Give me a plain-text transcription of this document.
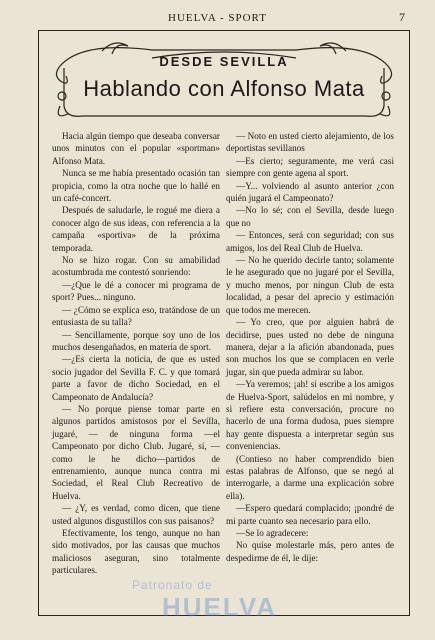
HUELVA - SPORT	7
DESDE SEVILLA
Hablando con Alfonso Mata

Hacia algún tiempo que deseaba conversar unos minutos con el popular «sportman» Alfonso Mata.

Nunca se me había presentado ocasión tan propicia, como la otra noche que lo hallé en un café-concert.

Después de saludarle, le rogué me diera a conocer algo de sus ideas, con referencia a la campaña «sportiva» de la próxima temporada.

No se hizo rogar. Con su amabilidad acostumbrada me contestó sonriendo:

—¿Que le dé a conocer mi programa de sport? Pues... ninguno.

— ¿Cómo se explica eso, tratándose de un entusiasta de su talla?

— Sencillamente, porque soy uno de los muchos desengañados, en materia de sport.

—¿Es cierta la noticia, de que es usted socio jugador del Sevilla F. C. y que tomará parte a favor de dicho Sociedad, en el Campeonato de Andalucía?

— No porque piense tomar parte en algunos partidos amistosos por el Sevilla, jugaré, — de ninguna forma —el Campeonato por dicho Club. Jugaré, sí, — como le he dicho—partidos de entrenamiento, aunque nunca contra mi Sociedad, el Real Club Recreativo de Huelva.

— ¿Y, es verdad, como dicen, que tiene usted algunos disgustillos con sus paisanos?

Efectivamente, los tengo, aunque no han sido motivados, por las causas que muchos maliciosos aseguran, sino totalmente particulares.

— Noto en usted cierto alejamiento, de los deportistas sevillanos

—Es cierto; seguramente, me verá casi siempre con gente agena al sport.

—Y... volviendo al asunto anterior ¿con quién jugará el Campeonato?

—No lo sé; con el Sevilla, desde luego que no

— Entonces, será con seguridad; con sus amigos, los del Real Club de Huelva.

— No he querido decirle tanto; solamente le he asegurado que no jugaré por el Sevilla, y mucho menos, por ningun Club de esta localidad, a pesar del aprecio y estimación que todos me merecen.

— Yo creo, que por alguien habrá de decidirse, pues usted no debe de ninguna manera, dejar a la afición abandonada, pues son muchos los que se complacen en verle jugar, sin que pueda admirar su labor.

—Ya veremos; ¡ah! si escribe a los amigos de Huelva-Sport, salúdelos en mi nombre, y si refiere esta conversación, procure no hacerlo de una forma dudosa, pues siempre hay gente dispuesta a interpretar según sus conveniencias.

(Contieso no haber comprendido bien estas palabras de Alfonso, que se negó al interrogarle, a darme una explicación sobre ella).

—Espero quedará complacido; ¡pondré de mi parte cuanto sea necesario para ello.

—Se lo agradecere:

No quise molestarle más, pero antes de despedirme de él, le dije:

Patronato de
HUELVA
